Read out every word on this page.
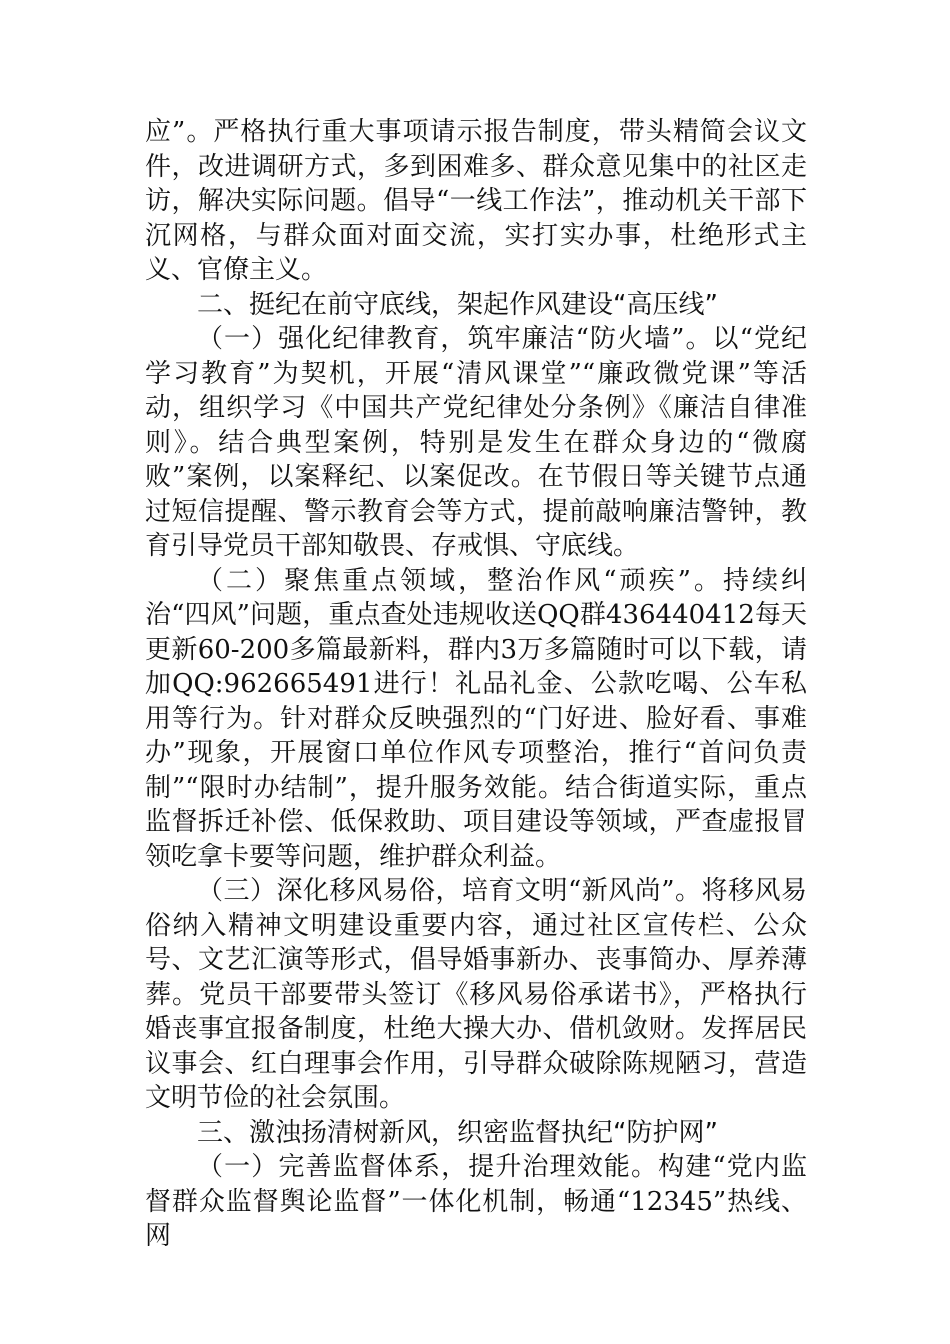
应”。严格执行重大事项请示报告制度，带头精简会议文件，改进调研方式，多到困难多、群众意见集中的社区走访，解决实际问题。倡导“一线工作法”，推动机关干部下沉网格，与群众面对面交流，实打实办事，杜绝形式主义、官僚主义。

二、挺纪在前守底线，架起作风建设“高压线”

（一）强化纪律教育，筑牢廉洁“防火墙”。以“党纪学习教育”为契机，开展“清风课堂”“廉政微党课”等活动，组织学习《中国共产党纪律处分条例》《廉洁自律准则》。结合典型案例，特别是发生在群众身边的“微腐败”案例，以案释纪、以案促改。在节假日等关键节点通过短信提醒、警示教育会等方式，提前敲响廉洁警钟，教育引导党员干部知敬畏、存戒惧、守底线。

（二）聚焦重点领域，整治作风“顽疾”。持续纠治“四风”问题，重点查处违规收送QQ群436440412每天更新60-200多篇最新料，群内3万多篇随时可以下载，请加QQ:962665491进行！礼品礼金、公款吃喝、公车私用等行为。针对群众反映强烈的“门好进、脸好看、事难办”现象，开展窗口单位作风专项整治，推行“首问负责制”“限时办结制”，提升服务效能。结合街道实际，重点监督拆迁补偿、低保救助、项目建设等领域，严查虚报冒领吃拿卡要等问题，维护群众利益。

（三）深化移风易俗，培育文明“新风尚”。将移风易俗纳入精神文明建设重要内容，通过社区宣传栏、公众号、文艺汇演等形式，倡导婚事新办、丧事简办、厚养薄葬。党员干部要带头签订《移风易俗承诺书》，严格执行婚丧事宜报备制度，杜绝大操大办、借机敛财。发挥居民议事会、红白理事会作用，引导群众破除陈规陋习，营造文明节俭的社会氛围。

三、激浊扬清树新风，织密监督执纪“防护网”

（一）完善监督体系，提升治理效能。构建“党内监督群众监督舆论监督”一体化机制，畅通“12345”热线、网
